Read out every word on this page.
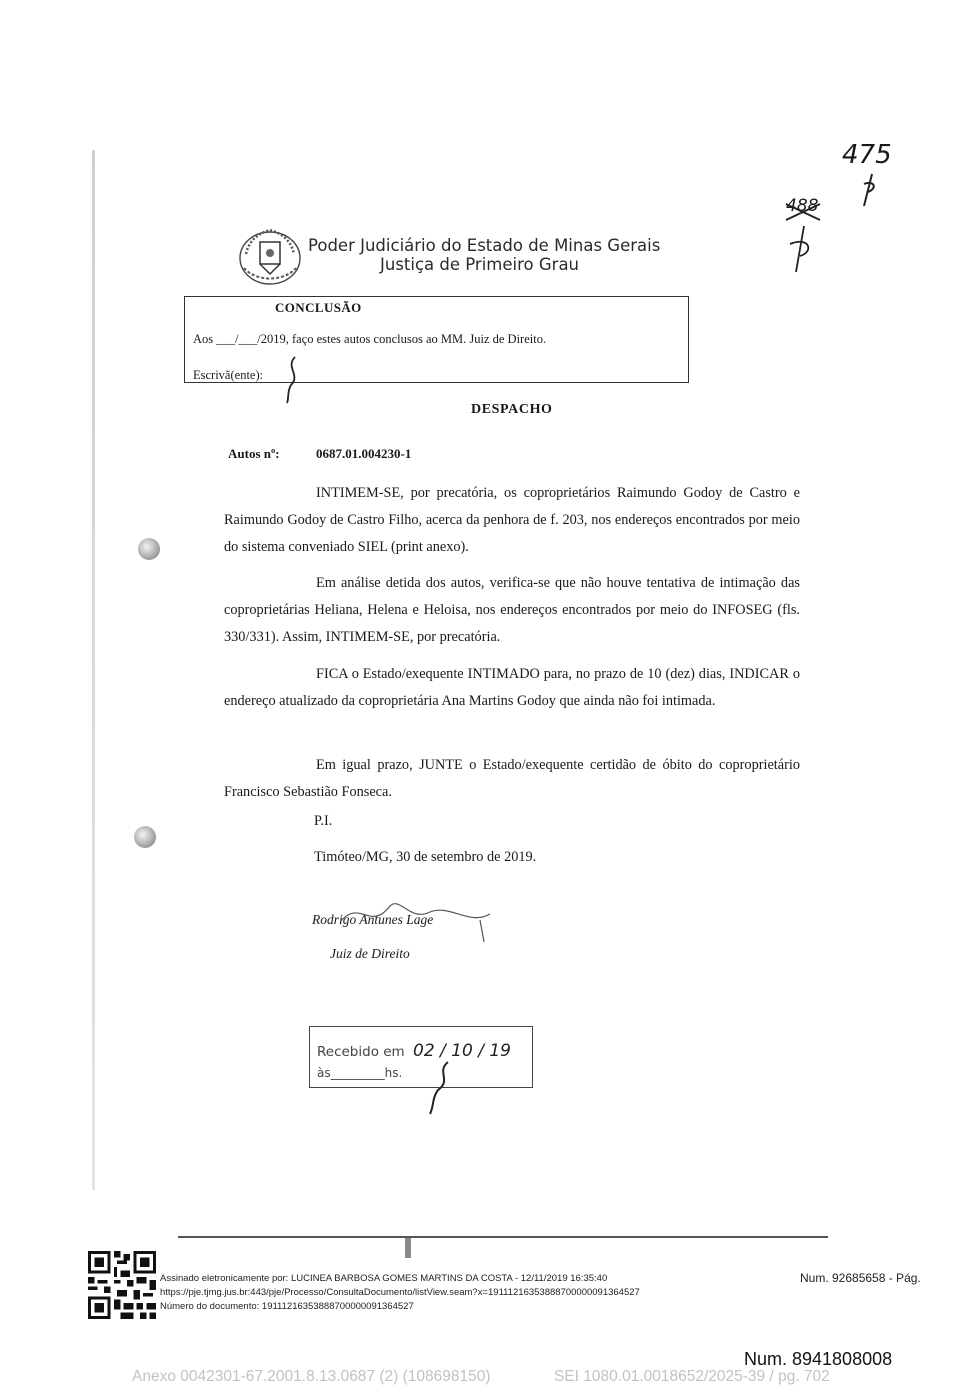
475
488
Poder Judiciário do Estado de Minas Gerais
Justiça de Primeiro Grau
CONCLUSÃO
Aos ___/___/2019, faço estes autos conclusos ao MM. Juiz de Direito.
Escrivã(ente):
DESPACHO
Autos nº:	0687.01.004230-1
INTIMEM-SE, por precatória, os coproprietários Raimundo Godoy de Castro e Raimundo Godoy de Castro Filho, acerca da penhora de f. 203, nos endereços encontrados por meio do sistema conveniado SIEL (print anexo).
Em análise detida dos autos, verifica-se que não houve tentativa de intimação das coproprietárias Heliana, Helena e Heloisa, nos endereços encontrados por meio do INFOSEG (fls. 330/331). Assim, INTIMEM-SE, por precatória.
FICA o Estado/exequente INTIMADO para, no prazo de 10 (dez) dias, INDICAR o endereço atualizado da coproprietária Ana Martins Godoy que ainda não foi intimada.
Em igual prazo, JUNTE o Estado/exequente certidão de óbito do coproprietário Francisco Sebastião Fonseca.
P.I.
Timóteo/MG, 30 de setembro de 2019.
Rodrigo Antunes Lage
Juiz de Direito
Recebido em 02 / 10 / 19
às_________hs.
Assinado eletronicamente por: LUCINEA BARBOSA GOMES MARTINS DA COSTA - 12/11/2019 16:35:40
https://pje.tjmg.jus.br:443/pje/Processo/ConsultaDocumento/listView.seam?x=19111216353888700000091364527
Número do documento: 19111216353888700000091364527
Num. 92685658 - Pág.
Num. 8941808008
Anexo 0042301-67.2001.8.13.0687 (2) (108698150)	SEI 1080.01.0018652/2025-39 / pg. 702
